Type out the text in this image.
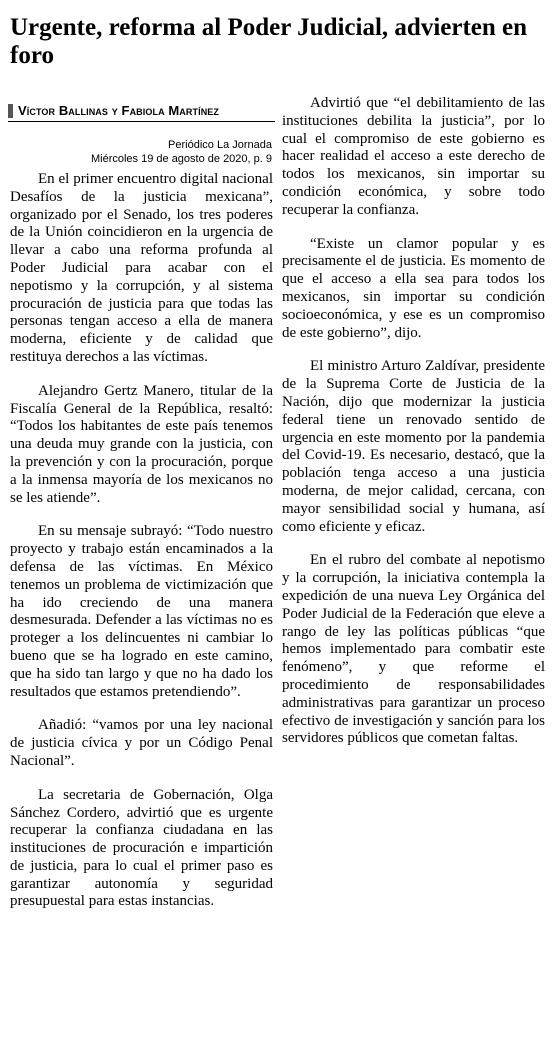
Urgente, reforma al Poder Judicial, advierten en foro
Víctor Ballinas y Fabiola Martínez
Periódico La Jornada
Miércoles 19 de agosto de 2020, p. 9

En el primer encuentro digital nacional Desafíos de la justicia mexicana”, organizado por el Senado, los tres poderes de la Unión coincidieron en la urgencia de llevar a cabo una reforma profunda al Poder Judicial para acabar con el nepotismo y la corrupción, y al sistema procuración de justicia para que todas las personas tengan acceso a ella de manera moderna, eficiente y de calidad que restituya derechos a las víctimas.

Alejandro Gertz Manero, titular de la Fiscalía General de la República, resaltó: “Todos los habitantes de este país tenemos una deuda muy grande con la justicia, con la prevención y con la procuración, porque a la inmensa mayoría de los mexicanos no se les atiende”.

En su mensaje subrayó: “Todo nuestro proyecto y trabajo están encaminados a la defensa de las víctimas. En México tenemos un problema de victimización que ha ido creciendo de una manera desmesurada. Defender a las víctimas no es proteger a los delincuentes ni cambiar lo bueno que se ha logrado en este camino, que ha sido tan largo y que no ha dado los resultados que estamos pretendiendo”.

Añadió: “vamos por una ley nacional de justicia cívica y por un Código Penal Nacional”.

La secretaria de Gobernación, Olga Sánchez Cordero, advirtió que es urgente recuperar la confianza ciudadana en las instituciones de procuración e impartición de justicia, para lo cual el primer paso es garantizar autonomía y seguridad presupuestal para estas instancias.

Advirtió que “el debilitamiento de las instituciones debilita la justicia”, por lo cual el compromiso de este gobierno es hacer realidad el acceso a este derecho de todos los mexicanos, sin importar su condición económica, y sobre todo recuperar la confianza.

“Existe un clamor popular y es precisamente el de justicia. Es momento de que el acceso a ella sea para todos los mexicanos, sin importar su condición socioeconómica, y ese es un compromiso de este gobierno”, dijo.

El ministro Arturo Zaldívar, presidente de la Suprema Corte de Justicia de la Nación, dijo que modernizar la justicia federal tiene un renovado sentido de urgencia en este momento por la pandemia del Covid-19. Es necesario, destacó, que la población tenga acceso a una justicia moderna, de mejor calidad, cercana, con mayor sensibilidad social y humana, así como eficiente y eficaz.

En el rubro del combate al nepotismo y la corrupción, la iniciativa contempla la expedición de una nueva Ley Orgánica del Poder Judicial de la Federación que eleve a rango de ley las políticas públicas “que hemos implementado para combatir este fenómeno”, y que reforme el procedimiento de responsabilidades administrativas para garantizar un proceso efectivo de investigación y sanción para los servidores públicos que cometan faltas.
